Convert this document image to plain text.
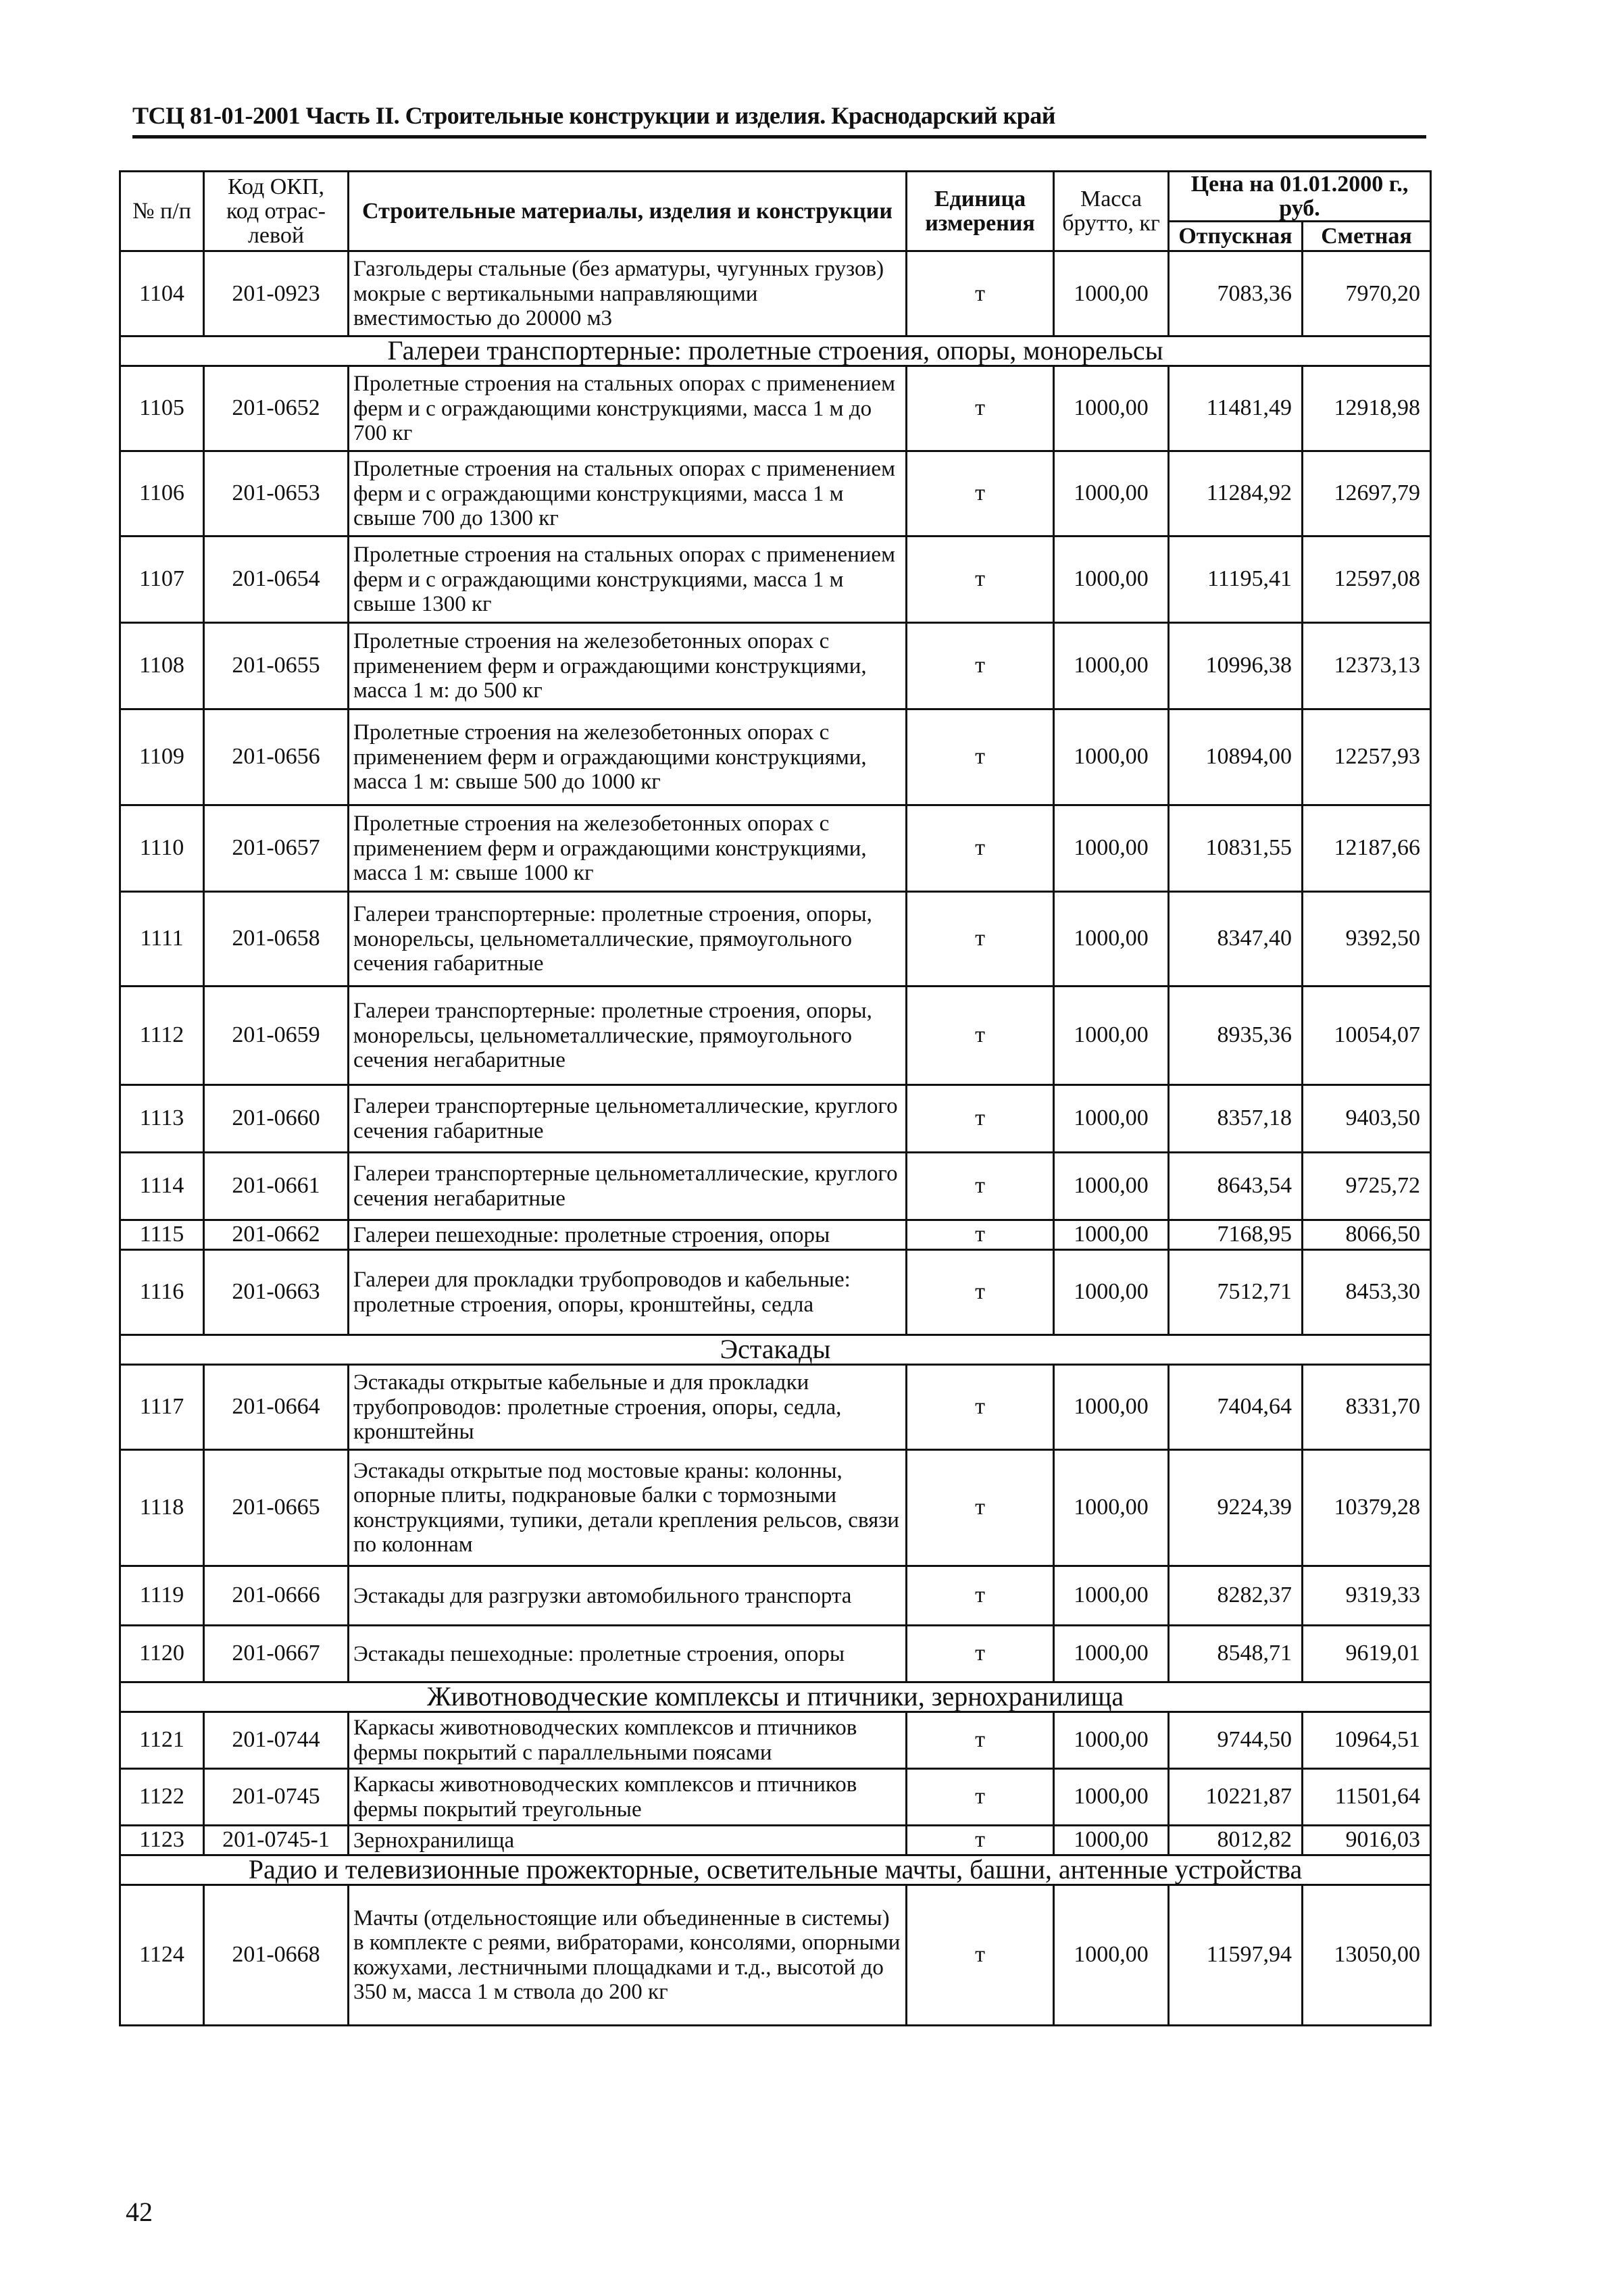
ТСЦ 81-01-2001 Часть II. Строительные конструкции и изделия. Краснодарский край
№ п/п	Код ОКП, код отрас-левой	Строительные материалы, изделия и конструкции	Единица измерения	Масса брутто, кг	Цена на 01.01.2000 г., руб.	
					Отпускная	Сметная
1104	201-0923	Газгольдеры стальные (без арматуры, чугунных грузов) мокрые с вертикальными направляющими вместимостью до 20000 м3	т	1000,00	7083,36	7970,20
Галереи транспортерные: пролетные строения, опоры, монорельсы						
1105	201-0652	Пролетные строения на стальных опорах с применением ферм и с ограждающими конструкциями, масса 1 м до 700 кг	т	1000,00	11481,49	12918,98
1106	201-0653	Пролетные строения на стальных опорах с применением ферм и с ограждающими конструкциями, масса 1 м свыше 700 до 1300 кг	т	1000,00	11284,92	12697,79
1107	201-0654	Пролетные строения на стальных опорах с применением ферм и с ограждающими конструкциями, масса 1 м свыше 1300 кг	т	1000,00	11195,41	12597,08
1108	201-0655	Пролетные строения на железобетонных опорах с применением ферм и ограждающими конструкциями, масса 1 м: до 500 кг	т	1000,00	10996,38	12373,13
1109	201-0656	Пролетные строения на железобетонных опорах с применением ферм и ограждающими конструкциями, масса 1 м: свыше 500 до 1000 кг	т	1000,00	10894,00	12257,93
1110	201-0657	Пролетные строения на железобетонных опорах с применением ферм и ограждающими конструкциями, масса 1 м: свыше 1000 кг	т	1000,00	10831,55	12187,66
1111	201-0658	Галереи транспортерные: пролетные строения, опоры, монорельсы, цельнометаллические, прямоугольного сечения габаритные	т	1000,00	8347,40	9392,50
1112	201-0659	Галереи транспортерные: пролетные строения, опоры, монорельсы, цельнометаллические, прямоугольного сечения негабаритные	т	1000,00	8935,36	10054,07
1113	201-0660	Галереи транспортерные цельнометаллические, круглого сечения габаритные	т	1000,00	8357,18	9403,50
1114	201-0661	Галереи транспортерные цельнометаллические, круглого сечения негабаритные	т	1000,00	8643,54	9725,72
1115	201-0662	Галереи пешеходные: пролетные строения, опоры	т	1000,00	7168,95	8066,50
1116	201-0663	Галереи для прокладки трубопроводов и кабельные: пролетные строения, опоры, кронштейны, седла	т	1000,00	7512,71	8453,30
Эстакады						
1117	201-0664	Эстакады открытые кабельные и для прокладки трубопроводов: пролетные строения, опоры, седла, кронштейны	т	1000,00	7404,64	8331,70
1118	201-0665	Эстакады открытые под мостовые краны: колонны, опорные плиты, подкрановые балки с тормозными конструкциями, тупики, детали крепления рельсов, связи по колоннам	т	1000,00	9224,39	10379,28
1119	201-0666	Эстакады для разгрузки автомобильного транспорта	т	1000,00	8282,37	9319,33
1120	201-0667	Эстакады пешеходные: пролетные строения, опоры	т	1000,00	8548,71	9619,01
Животноводческие комплексы и птичники, зернохранилища						
1121	201-0744	Каркасы животноводческих комплексов и птичников фермы покрытий с параллельными поясами	т	1000,00	9744,50	10964,51
1122	201-0745	Каркасы животноводческих комплексов и птичников фермы покрытий треугольные	т	1000,00	10221,87	11501,64
1123	201-0745-1	Зернохранилища	т	1000,00	8012,82	9016,03
Радио и телевизионные прожекторные, осветительные мачты, башни, антенные устройства						
1124	201-0668	Мачты (отдельностоящие или объединенные в системы) в комплекте с реями, вибраторами, консолями, опорными кожухами, лестничными площадками и т.д., высотой до 350 м, масса 1 м ствола до 200 кг	т	1000,00	11597,94	13050,00
42
